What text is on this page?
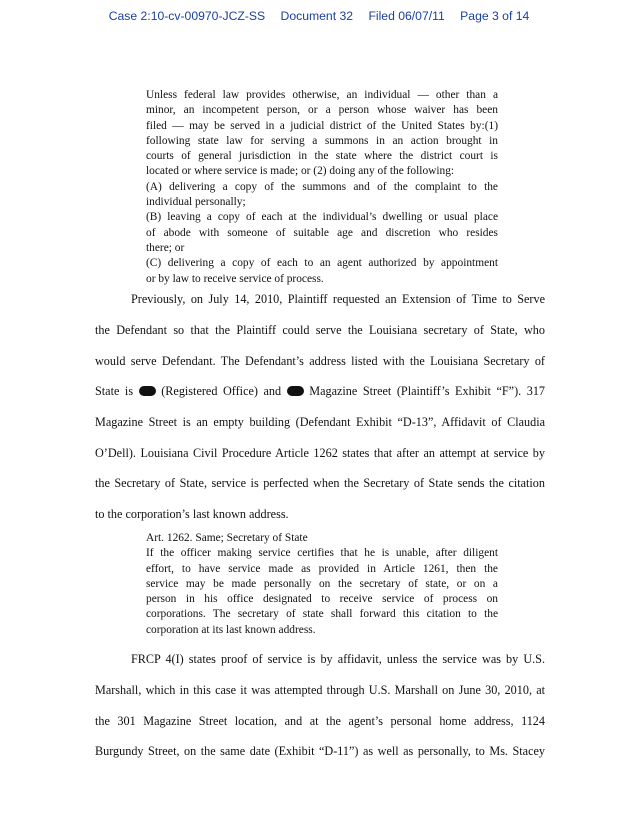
Case 2:10-cv-00970-JCZ-SS Document 32 Filed 06/07/11 Page 3 of 14
Unless federal law provides otherwise, an individual — other than a
minor, an incompetent person, or a person whose waiver has been
filed — may be served in a judicial district of the United States by:(1)
following state law for serving a summons in an action brought in
courts of general jurisdiction in the state where the district court is
located or where service is made; or (2) doing any of the following:
(A) delivering a copy of the summons and of the complaint to the
individual personally;
(B) leaving a copy of each at the individual’s dwelling or usual place
of abode with someone of suitable age and discretion who resides
there; or
(C) delivering a copy of each to an agent authorized by appointment
or by law to receive service of process.
Previously, on July 14, 2010, Plaintiff requested an Extension of Time to Serve
the Defendant so that the Plaintiff could serve the Louisiana secretary of State, who
would serve Defendant. The Defendant’s address listed with the Louisiana Secretary of
State is (Registered Office) and Magazine Street (Plaintiff’s Exhibit “F”). 317
Magazine Street is an empty building (Defendant Exhibit “D-13”, Affidavit of Claudia
O’Dell). Louisiana Civil Procedure Article 1262 states that after an attempt at service by
the Secretary of State, service is perfected when the Secretary of State sends the citation
to the corporation’s last known address.
Art. 1262. Same; Secretary of State
If the officer making service certifies that he is unable, after diligent
effort, to have service made as provided in Article 1261, then the
service may be made personally on the secretary of state, or on a
person in his office designated to receive service of process on
corporations. The secretary of state shall forward this citation to the
corporation at its last known address.
FRCP 4(I) states proof of service is by affidavit, unless the service was by U.S.
Marshall, which in this case it was attempted through U.S. Marshall on June 30, 2010, at
the 301 Magazine Street location, and at the agent’s personal home address, 1124
Burgundy Street, on the same date (Exhibit “D-11”) as well as personally, to Ms. Stacey
